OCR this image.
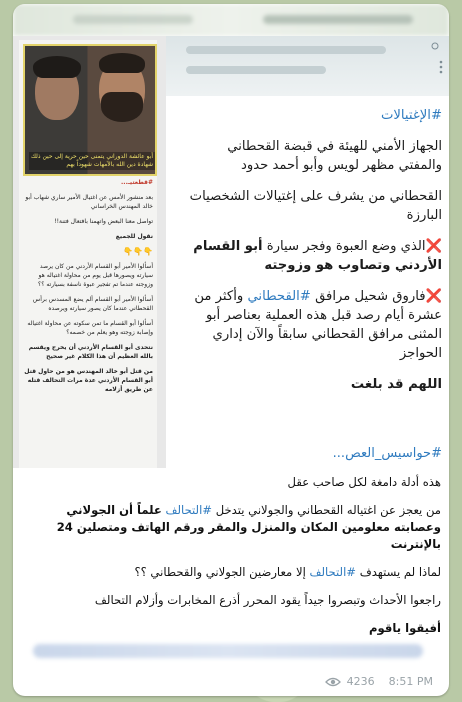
أبو عائشة الدوراني يتمنى حين حرية إلى حين ذلك شهادة دين الله بالآمهات شهوداً بهم
#قطعتيـ...
بعد منشور الأمس عن اغتيال الأمير ساري شهاب أبو خالد المهندس الخراساني
تواصل معنا البعض واتهمنا بافتعال فتنة!!
نقول للجميع
👇👇👇
أسألوا الأمير أبو القسام الأردني من كان يرصد سيارته ويصورها قبل يوم من محاولة اغتياله هو وزوجته عندما تم تفجير عبوة ناسفة بسيارته ؟؟
أسألوا الأمير أبو القسام ألم يضع المسدس برأس القحطاني عندما كان يصور سيارته ويرصده
أسألوا أبو القسام ما تمن سكوته عن محاولة اغتياله وإصابة زوجته وهو يعلم من خصمه؟
نتحدى أبو القسام الأردني أن يخرج ويقسم بالله العظيم أن هذا الكلام غير صحيح
من قتل أبو خالد المهندس هو من حاول قتل أبو القسام الأردني عدة مرات التحالف قتله عن طريق أزلامه
#الإغتيالات
الجهاز الأمني للهيئة في قبضة القحطاني والمفتي مظهر لويس وأبو أحمد حدود
القحطاني من يشرف على إغتيالات الشخصيات البارزة
❌الذي وضع العبوة وفجر سيارة أبو القسام الأردني وتصاوب هو وزوجته
❌فاروق شحيل مرافق #القحطاني وأكثر من عشرة أيام رصد قبل هذه العملية بعناصر أبو المثنى مرافق القحطاني سابقاً والآن إداري الحواجز
اللهم قد بلغت
#حواسيس_العص...
هذه أدلة دامغة لكل صاحب عقل
من يعجز عن اغتياله القحطاني والجولاني يتدخل #التحالف علماً أن الجولاني وعصابته معلومين المكان والمنزل والمقر ورقم الهاتف ومتصلين 24 بالإنترنت
لماذا لم يستهدف #التحالف إلا معارضين الجولاني والقحطاني ؟؟
راجعوا الأحداث وتبصروا جيداً يقود المحرر أذرع المخابرات وأزلام التحالف
أفيقوا ياقوم
4236 8:51 PM
